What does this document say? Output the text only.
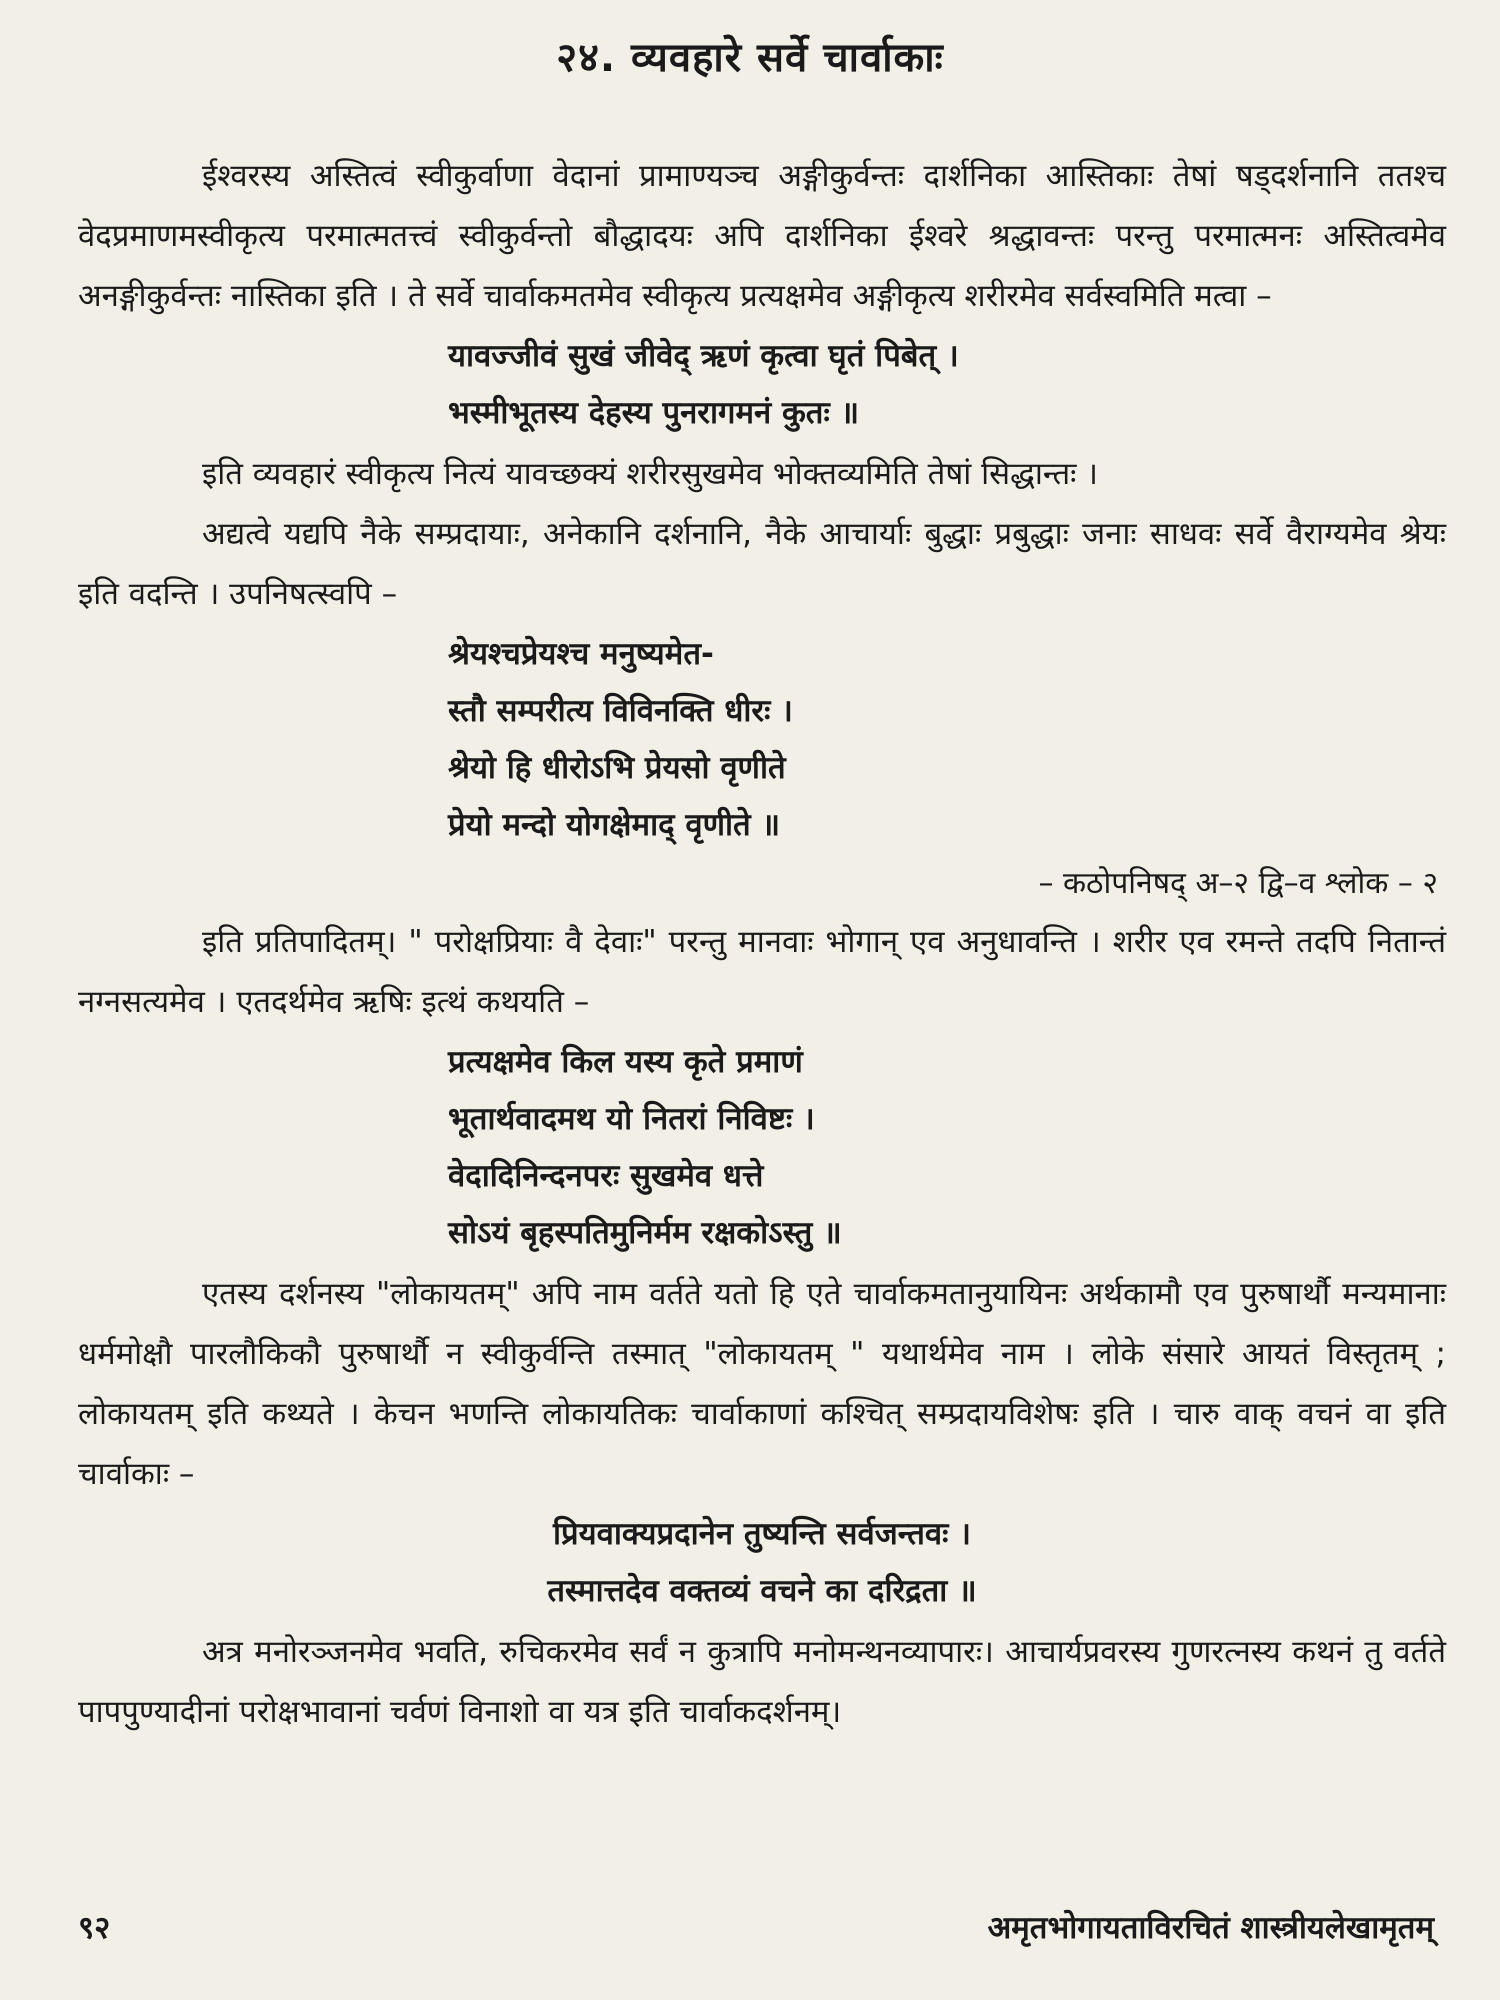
२४. व्यवहारे सर्वे चार्वाकाः

ईश्वरस्य अस्तित्वं स्वीकुर्वाणा वेदानां प्रामाण्यञ्च अङ्गीकुर्वन्तः दार्शनिका आस्तिकाः तेषां षड्दर्शनानि ततश्च वेदप्रमाणमस्वीकृत्य परमात्मतत्त्वं स्वीकुर्वन्तो बौद्धादयः अपि दार्शनिका ईश्वरे श्रद्धावन्तः परन्तु परमात्मनः अस्तित्वमेव अनङ्गीकुर्वन्तः नास्तिका इति । ते सर्वे चार्वाकमतमेव स्वीकृत्य प्रत्यक्षमेव अङ्गीकृत्य शरीरमेव सर्वस्वमिति मत्वा –

यावज्जीवं सुखं जीवेद् ऋणं कृत्वा घृतं पिबेत् ।
भस्मीभूतस्य देहस्य पुनरागमनं कुतः ॥

इति व्यवहारं स्वीकृत्य नित्यं यावच्छक्यं शरीरसुखमेव भोक्तव्यमिति तेषां सिद्धान्तः ।

अद्यत्वे यद्यपि नैके सम्प्रदायाः, अनेकानि दर्शनानि, नैके आचार्याः बुद्धाः प्रबुद्धाः जनाः साधवः सर्वे वैराग्यमेव श्रेयः इति वदन्ति । उपनिषत्स्वपि –

श्रेयश्चप्रेयश्च मनुष्यमेत-
स्तौ सम्परीत्य विविनक्ति धीरः ।
श्रेयो हि धीरोऽभि प्रेयसो वृणीते
प्रेयो मन्दो योगक्षेमाद् वृणीते ॥
– कठोपनिषद् अ–२ द्वि–व श्लोक – २

इति प्रतिपादितम्। " परोक्षप्रियाः वै देवाः" परन्तु मानवाः भोगान् एव अनुधावन्ति । शरीर एव रमन्ते तदपि नितान्तं नग्नसत्यमेव । एतदर्थमेव ऋषिः इत्थं कथयति –

प्रत्यक्षमेव किल यस्य कृते प्रमाणं
भूतार्थवादमथ यो नितरां निविष्टः ।
वेदादिनिन्दनपरः सुखमेव धत्ते
सोऽयं बृहस्पतिमुनिर्मम रक्षकोऽस्तु ॥

एतस्य दर्शनस्य "लोकायतम्" अपि नाम वर्तते यतो हि एते चार्वाकमतानुयायिनः अर्थकामौ एव पुरुषार्थौ मन्यमानाः धर्ममोक्षौ पारलौकिकौ पुरुषार्थौ न स्वीकुर्वन्ति तस्मात् "लोकायतम् " यथार्थमेव नाम । लोके संसारे आयतं विस्तृतम् ; लोकायतम् इति कथ्यते । केचन भणन्ति लोकायतिकः चार्वाकाणां कश्चित् सम्प्रदायविशेषः इति । चारु वाक् वचनं वा इति चार्वाकाः –

प्रियवाक्यप्रदानेन तुष्यन्ति सर्वजन्तवः ।
तस्मात्तदेव वक्तव्यं वचने का दरिद्रता ॥

अत्र मनोरञ्जनमेव भवति, रुचिकरमेव सर्वं न कुत्रापि मनोमन्थनव्यापारः। आचार्यप्रवरस्य गुणरत्नस्य कथनं तु वर्तते पापपुण्यादीनां परोक्षभावानां चर्वणं विनाशो वा यत्र इति चार्वाकदर्शनम्।

९२	अमृतभोगायताविरचितं शास्त्रीयलेखामृतम्
